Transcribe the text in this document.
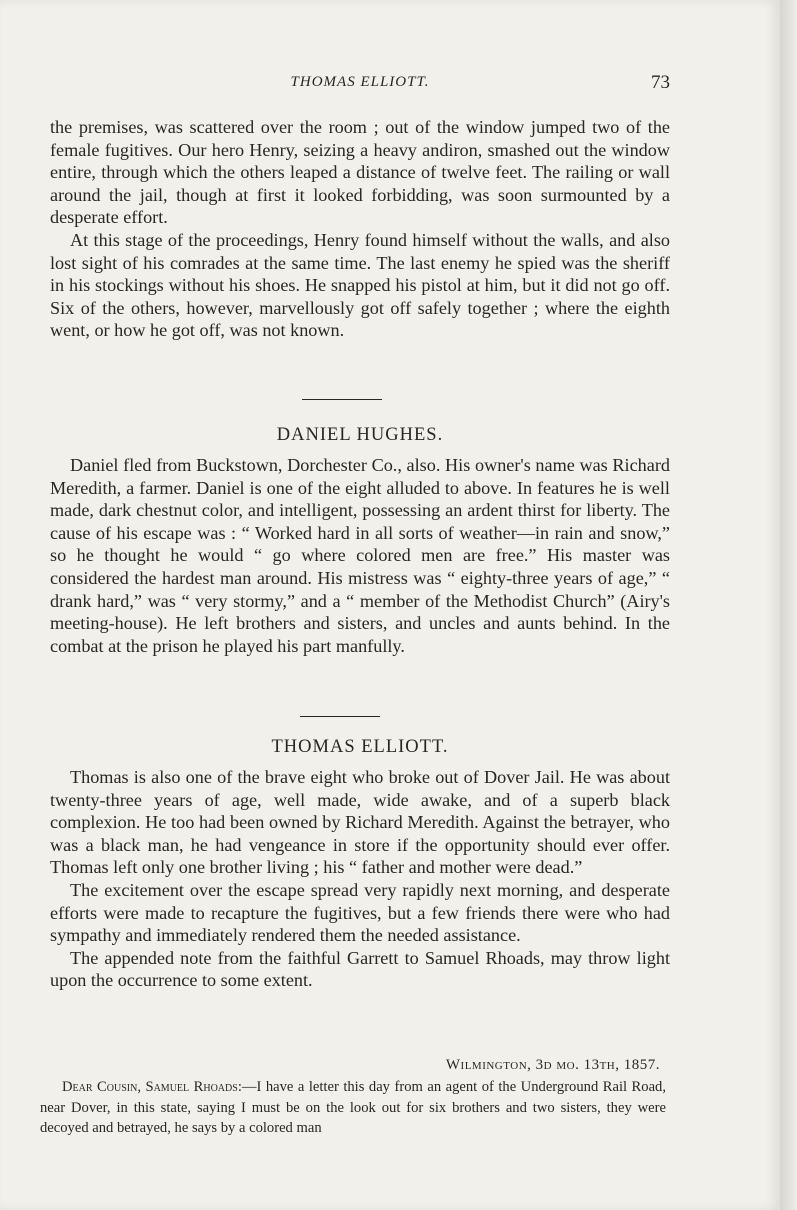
THOMAS ELLIOTT.	73

the premises, was scattered over the room ; out of the window jumped two of the female fugitives. Our hero Henry, seizing a heavy andiron, smashed out the window entire, through which the others leaped a distance of twelve feet. The railing or wall around the jail, though at first it looked forbidding, was soon surmounted by a desperate effort.

At this stage of the proceedings, Henry found himself without the walls, and also lost sight of his comrades at the same time. The last enemy he spied was the sheriff in his stockings without his shoes. He snapped his pistol at him, but it did not go off. Six of the others, however, marvellously got off safely together ; where the eighth went, or how he got off, was not known.

DANIEL HUGHES.

Daniel fled from Buckstown, Dorchester Co., also. His owner's name was Richard Meredith, a farmer. Daniel is one of the eight alluded to above. In features he is well made, dark chestnut color, and intelligent, possessing an ardent thirst for liberty. The cause of his escape was : “ Worked hard in all sorts of weather—in rain and snow,” so he thought he would “ go where colored men are free.” His master was considered the hardest man around. His mistress was “ eighty-three years of age,” “ drank hard,” was “ very stormy,” and a “ member of the Methodist Church” (Airy's meeting-house). He left brothers and sisters, and uncles and aunts behind. In the combat at the prison he played his part manfully.

THOMAS ELLIOTT.

Thomas is also one of the brave eight who broke out of Dover Jail. He was about twenty-three years of age, well made, wide awake, and of a superb black complexion. He too had been owned by Richard Meredith. Against the betrayer, who was a black man, he had vengeance in store if the opportunity should ever offer. Thomas left only one brother living ; his “ father and mother were dead.”

The excitement over the escape spread very rapidly next morning, and desperate efforts were made to recapture the fugitives, but a few friends there were who had sympathy and immediately rendered them the needed assistance.

The appended note from the faithful Garrett to Samuel Rhoads, may throw light upon the occurrence to some extent.

Wilmington, 3d mo. 13th, 1857.

Dear Cousin, Samuel Rhoads:—I have a letter this day from an agent of the Underground Rail Road, near Dover, in this state, saying I must be on the look out for six brothers and two sisters, they were decoyed and betrayed, he says by a colored man
